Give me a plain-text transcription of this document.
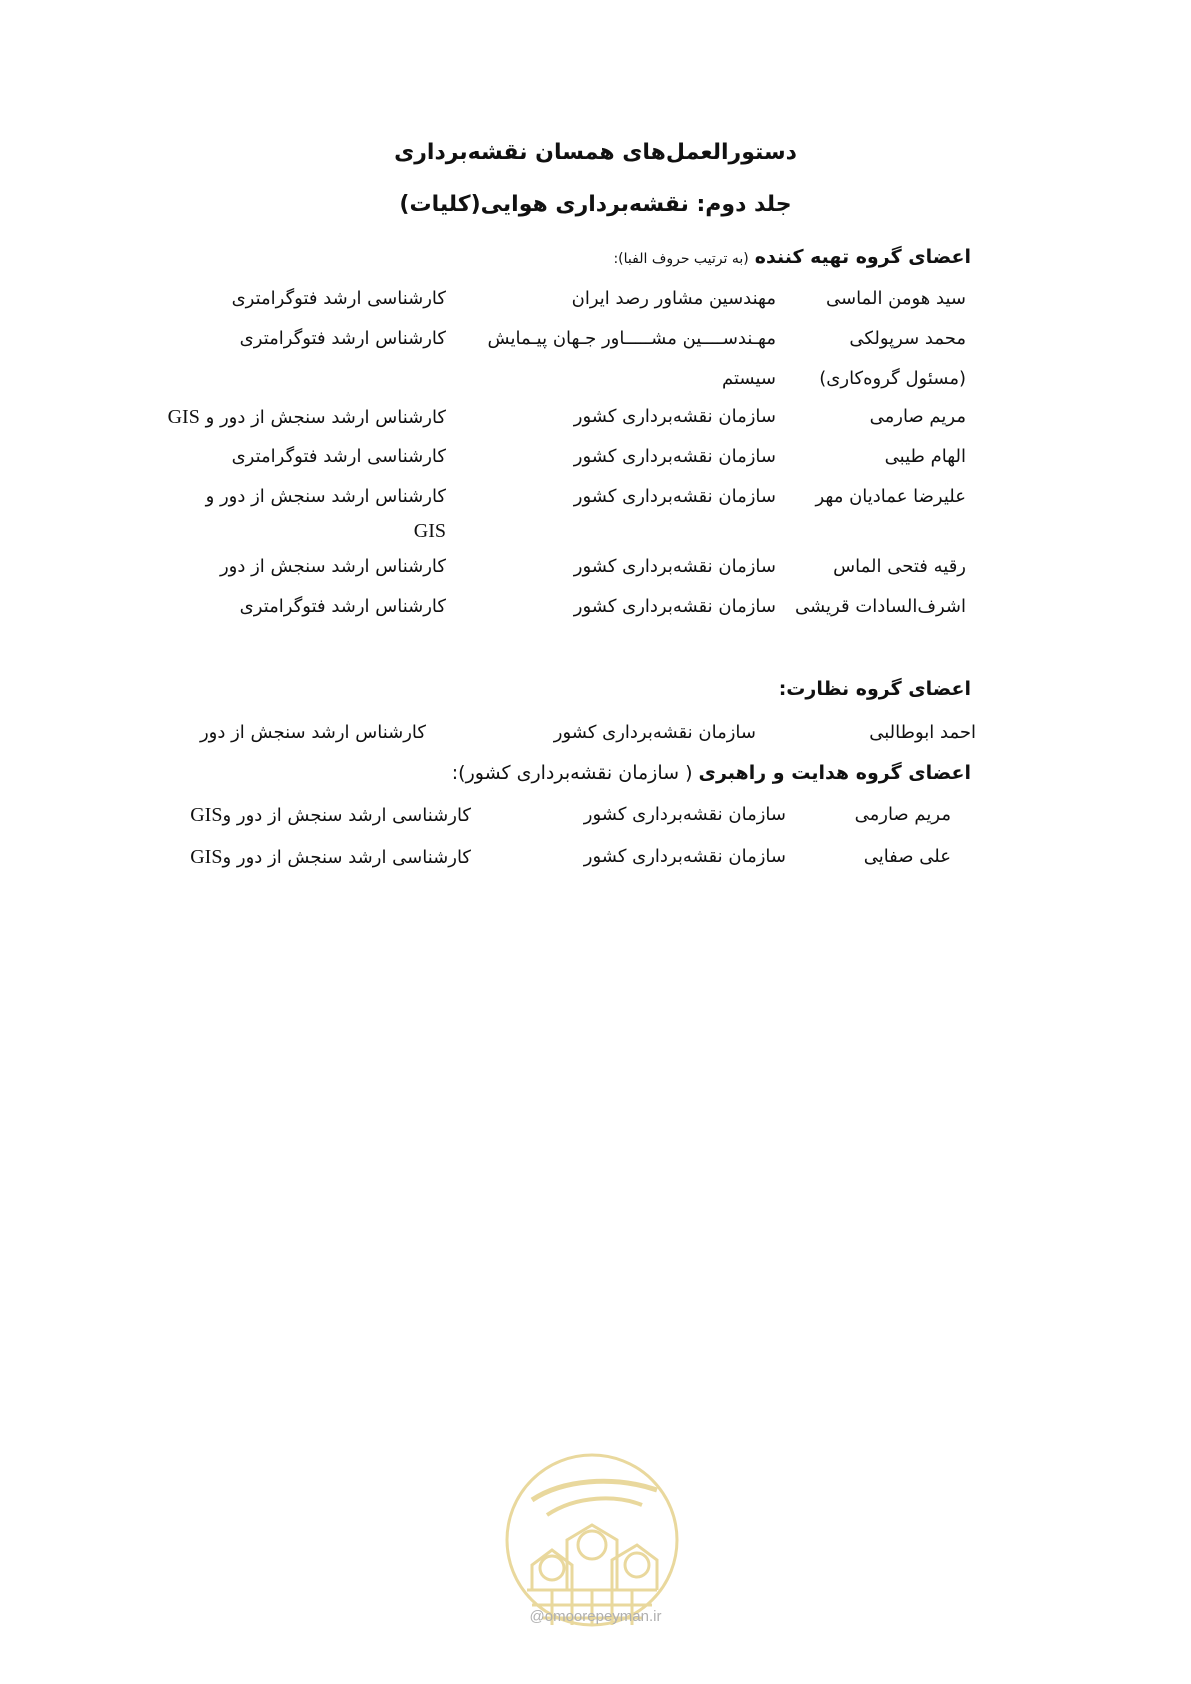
دستورالعمل‌های همسان نقشه‌برداری
جلد دوم: نقشه‌برداری هوایی(کلیات)
اعضای گروه تهیه کننده (به ترتیب حروف الفبا):
سید هومن الماسی
مهندسین مشاور رصد ایران
کارشناسی ارشد فتوگرامتری
محمد سرپولکی
مهـندســــین مشـــــاور جـهان پیـمایش
کارشناس ارشد فتوگرامتری
(مسئول گروه‌کاری)
سیستم
مریم صارمی
سازمان نقشه‌برداری کشور
کارشناس ارشد سنجش از دور و GIS
الهام طیبی
سازمان نقشه‌برداری کشور
کارشناسی ارشد فتوگرامتری
علیرضا عمادیان مهر
سازمان نقشه‌برداری کشور
کارشناس ارشد سنجش از دور و
GIS
رقیه فتحی الماس
سازمان نقشه‌برداری کشور
کارشناس ارشد سنجش از دور
اشرف‌السادات قریشی
سازمان نقشه‌برداری کشور
کارشناس ارشد فتوگرامتری
اعضای گروه نظارت:
احمد ابوطالبی
سازمان نقشه‌برداری کشور
کارشناس ارشد سنجش از دور
اعضای گروه هدایت و راهبری ( سازمان نقشه‌برداری کشور):
مریم صارمی
سازمان نقشه‌برداری کشور
کارشناسی ارشد سنجش از دور وGIS
علی صفایی
سازمان نقشه‌برداری کشور
کارشناسی ارشد سنجش از دور وGIS
@omoorepeyman.ir
